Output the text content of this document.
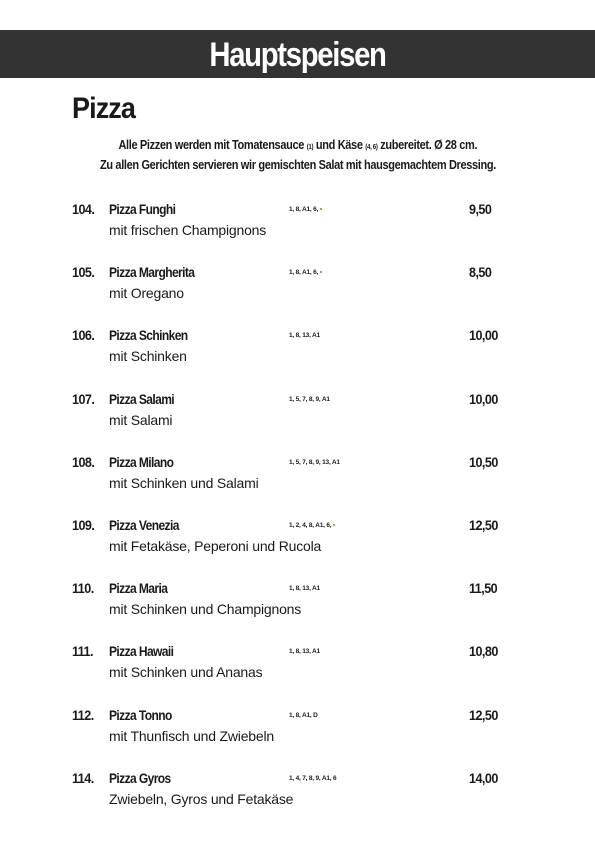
Hauptspeisen
Pizza
Alle Pizzen werden mit Tomatensauce (1) und Käse (4, 6) zubereitet. Ø 28 cm.
Zu allen Gerichten servieren wir gemischten Salat mit hausgemachtem Dressing.
104. Pizza Funghi	1, 8, A1, 6,	9,50
mit frischen Champignons
105. Pizza Margherita	1, 8, A1, 6,	8,50
mit Oregano
106. Pizza Schinken	1, 8, 13, A1	10,00
mit Schinken
107. Pizza Salami	1, 5, 7, 8, 9, A1	10,00
mit Salami
108. Pizza Milano	1, 5, 7, 8, 9, 13, A1	10,50
mit Schinken und Salami
109. Pizza Venezia	1, 2, 4, 8, A1, 6,	12,50
mit Fetakäse, Peperoni und Rucola
110. Pizza Maria	1, 8, 13, A1	11,50
mit Schinken und Champignons
111. Pizza Hawaii	1, 8, 13, A1	10,80
mit Schinken und Ananas
112. Pizza Tonno	1, 8, A1, D	12,50
mit Thunfisch und Zwiebeln
114. Pizza Gyros	1, 4, 7, 8, 9, A1, 6	14,00
Zwiebeln, Gyros und Fetakäse
